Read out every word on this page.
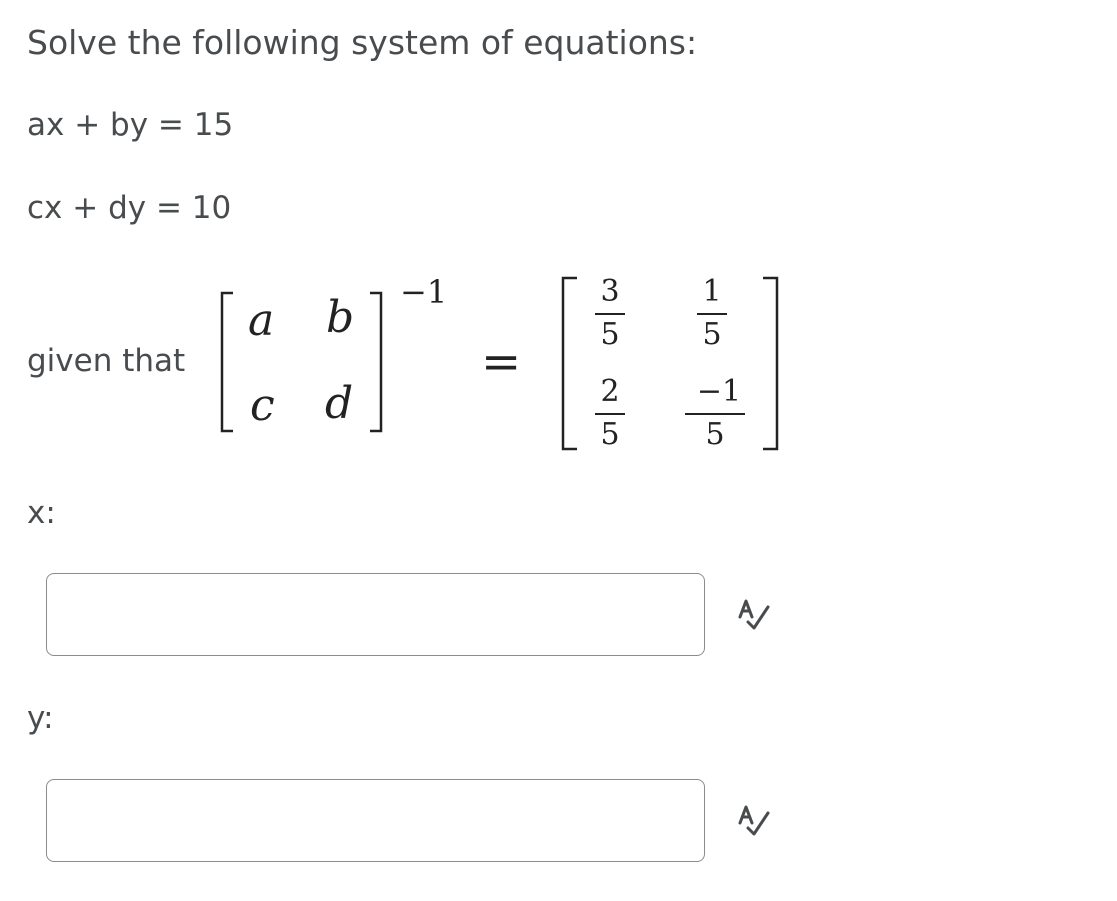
Solve the following system of equations:
ax + by = 15
cx + dy = 10
given that
a b
c d
−1
=
3
5
1
5
2
5
−1
5
x:
y:
